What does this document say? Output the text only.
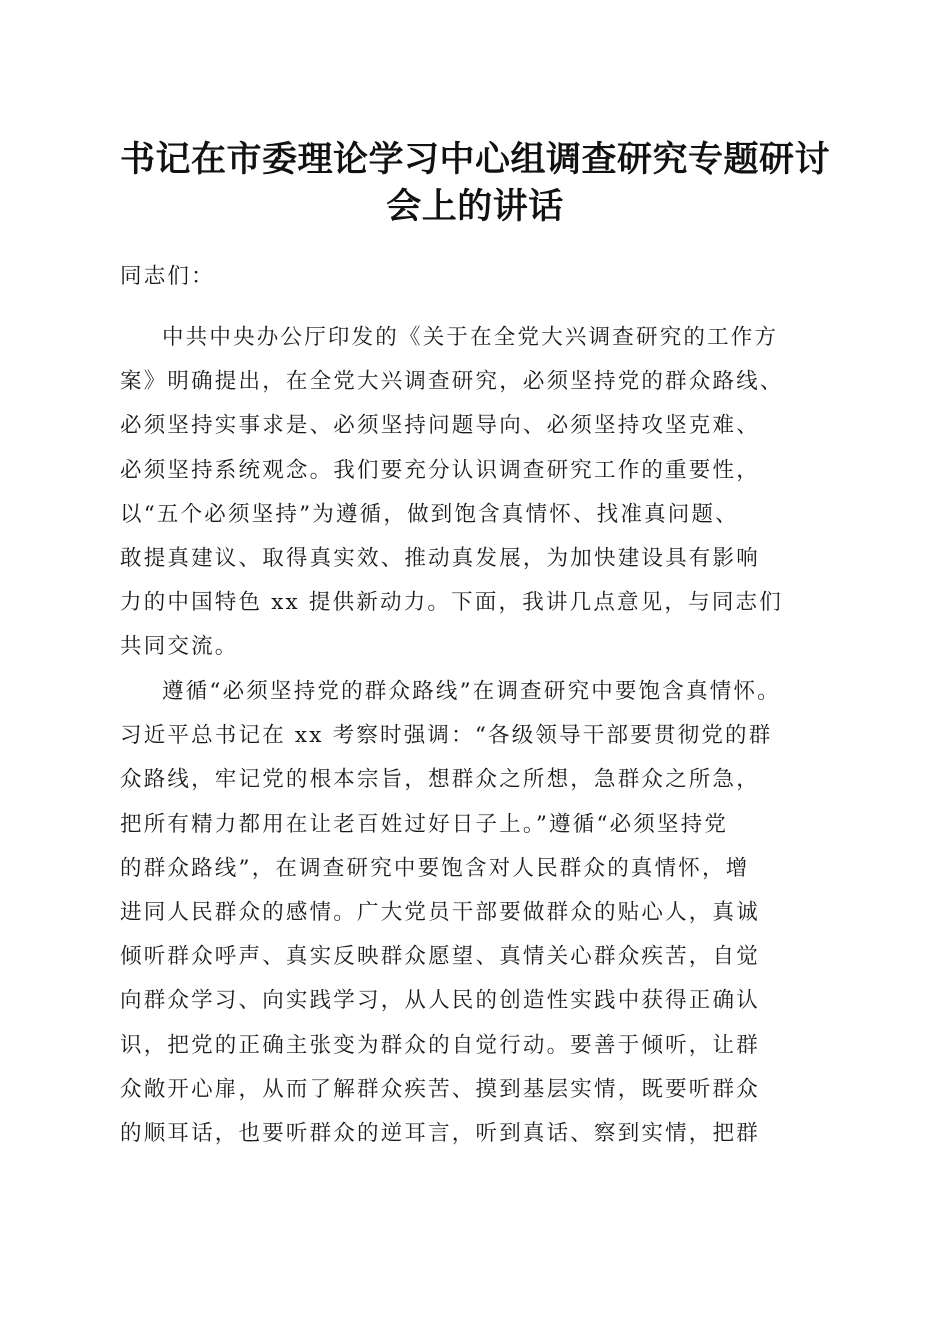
书记在市委理论学习中心组调查研究专题研讨
会上的讲话
同志们：
中共中央办公厅印发的《关于在全党大兴调查研究的工作方
案》明确提出，在全党大兴调查研究，必须坚持党的群众路线、
必须坚持实事求是、必须坚持问题导向、必须坚持攻坚克难、
必须坚持系统观念。我们要充分认识调查研究工作的重要性，
以“五个必须坚持”为遵循，做到饱含真情怀、找准真问题、
敢提真建议、取得真实效、推动真发展，为加快建设具有影响
力的中国特色 xx 提供新动力。下面，我讲几点意见，与同志们
共同交流。
遵循“必须坚持党的群众路线”在调查研究中要饱含真情怀。
习近平总书记在 xx 考察时强调：“各级领导干部要贯彻党的群
众路线，牢记党的根本宗旨，想群众之所想，急群众之所急，
把所有精力都用在让老百姓过好日子上。”遵循“必须坚持党
的群众路线”，在调查研究中要饱含对人民群众的真情怀，增
进同人民群众的感情。广大党员干部要做群众的贴心人，真诚
倾听群众呼声、真实反映群众愿望、真情关心群众疾苦，自觉
向群众学习、向实践学习，从人民的创造性实践中获得正确认
识，把党的正确主张变为群众的自觉行动。要善于倾听，让群
众敞开心扉，从而了解群众疾苦、摸到基层实情，既要听群众
的顺耳话，也要听群众的逆耳言，听到真话、察到实情，把群
